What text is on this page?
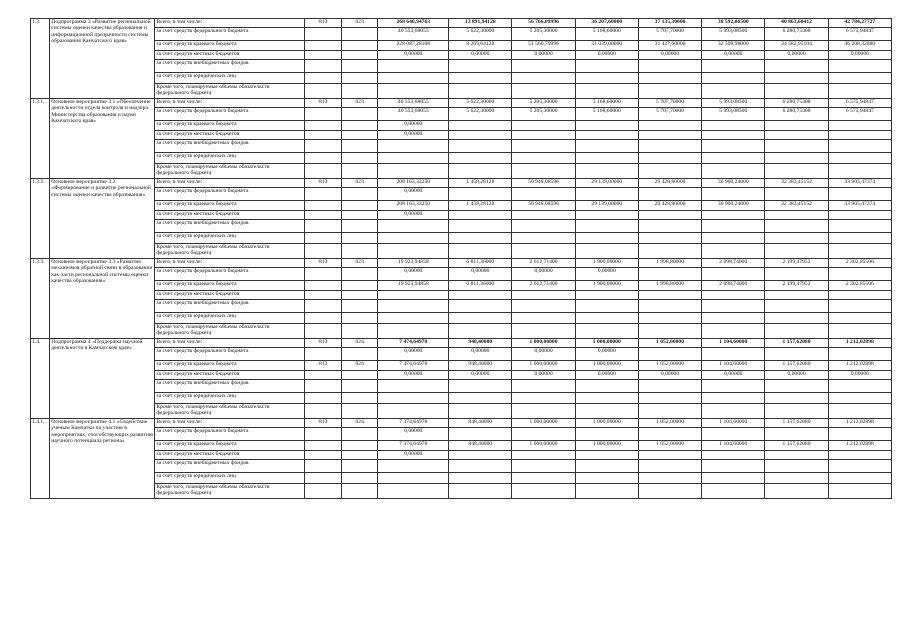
1.3.	Подпрограмма 3 «Развитие региональной системы оценки качества образования и информационной прозрачности системы образования Камчатского края»	Всего, в том числе:	813	023	268 640,94763	13 891,94128	56 766,09996	36 207,60000	37 135,30000	38 592,06500	40 863,60412	42 784,27727
		за счет средств федерального бюджета			40 553,68055	5 622,30000	5 205,30000	5 168,60000	5 707,70000	5 993,08500	6 280,75308	6 575,94847
		за счет средств краевого бюджета			228 087,28108	8 269,64128	51 560,79996	31 039,00000	31 427,60000	32 598,98000	34 582,95104	36 208,32880
		за счет средств местных бюджетов			0,00000	0,00000	0,00000	0,00000	0,00000	0,00000	0,00000	0,00000
		за счет средств внебюджетных фондов										
		за счет средств юридических лиц										
		Кроме того, планируемые объемы обязательств федерального бюджета										
1.3.1.	Основное мероприятие 3.1 «Обеспечение деятельности отдела контроля и надзора Министерства образования и науки Камчатского края»	Всего, в том числе:	813	023	40 553,68055	5 622,30000	5 205,30000	5 168,60000	5 707,70000	5 993,08500	6 280,75308	6 575,94847
		за счет средств федерального бюджета			40 553,68055	5 622,30000	5 205,30000	5 168,60000	5 707,70000	5 993,08500	6 280,75308	6 575,94847
		за счет средств краевого бюджета			0,00000							
		за счет средств местных бюджетов			0,00000							
		за счет средств внебюджетных фондов										
		за счет средств юридических лиц										
		Кроме того, планируемые объемы обязательств федерального бюджета										
1.3.2.	Основное мероприятие 3.2 «Формирование и развитие региональной системы оценки качества образования»	Всего, в том числе:	813	023	208 163,33250	1 458,28128	50 948,08596	29 139,00000	29 428,80000	30 900,24000	32 383,45152	33 905,47374
		за счет средств федерального бюджета			0,00000							
		за счет средств краевого бюджета			208 163,33250	1 458,28128	50 948,08596	29 139,00000	29 428,80000	30 900,24000	32 383,45152	33 905,47374
		за счет средств местных бюджетов			0,00000							
		за счет средств внебюджетных фондов										
		за счет средств юридических лиц										
		Кроме того, планируемые объемы обязательств федерального бюджета										
1.3.3.	Основное мероприятие 3.3 «Развитие механизмов обратной связи в образовании как части региональной системы оценки качества образования»	Всего, в том числе:	813	023	19 923,94858	6 811,36000	2 612,71400	1 900,00000	1 998,80000	2 098,74000	2 199,47952	2 302,85506
		за счет средств федерального бюджета			0,00000	0,00000	0,00000	0,00000				
		за счет средств краевого бюджета			19 923,94858	6 811,36000	2 612,71400	1 900,00000	1 998,80000	2 098,74000	2 199,47952	2 302,85506
		за счет средств местных бюджетов										
		за счет средств внебюджетных фондов										
		за счет средств юридических лиц										
		Кроме того, планируемые объемы обязательств федерального бюджета										
1.4.	Подпрограмма 4 «Поддержка научной деятельности в Камчатском крае»	Всего, в том числе:	813	024	7 474,64978	948,40000	1 000,00000	1 000,00000	1 052,00000	1 104,60000	1 157,62080	1 212,02898
		за счет средств федерального бюджета			0,00000	0,00000	0,00000	0,00000				
		за счет средств краевого бюджета	813	024	7 474,64978	948,40000	1 000,00000	1 000,00000	1 052,00000	1 104,60000	1 157,62080	1 212,02898
		за счет средств местных бюджетов			0,00000	0,00000	0,00000	0,00000	0,00000	0,00000	0,00000	0,00000
		за счет средств внебюджетных фондов										
		за счет средств юридических лиц										
		Кроме того, планируемые объемы обязательств федерального бюджета										
1.4.1.	Основное мероприятие 4.1 «Содействие ученым Камчатки по участию в мероприятиях, способствующих развитию научного потенциала региона»	Всего, в том числе:	813	024	7 374,64978	848,40000	1 000,00000	1 000,00000	1 052,00000	1 104,60000	1 157,62080	1 212,02898
		за счет средств федерального бюджета			0,00000							
		за счет средств краевого бюджета			7 374,64978	848,40000	1 000,00000	1 000,00000	1 052,00000	1 104,60000	1 157,62080	1 212,02898
		за счет средств местных бюджетов			0,00000							
		за счет средств внебюджетных фондов										
		за счет средств юридических лиц										
		Кроме того, планируемые объемы обязательств федерального бюджета										
